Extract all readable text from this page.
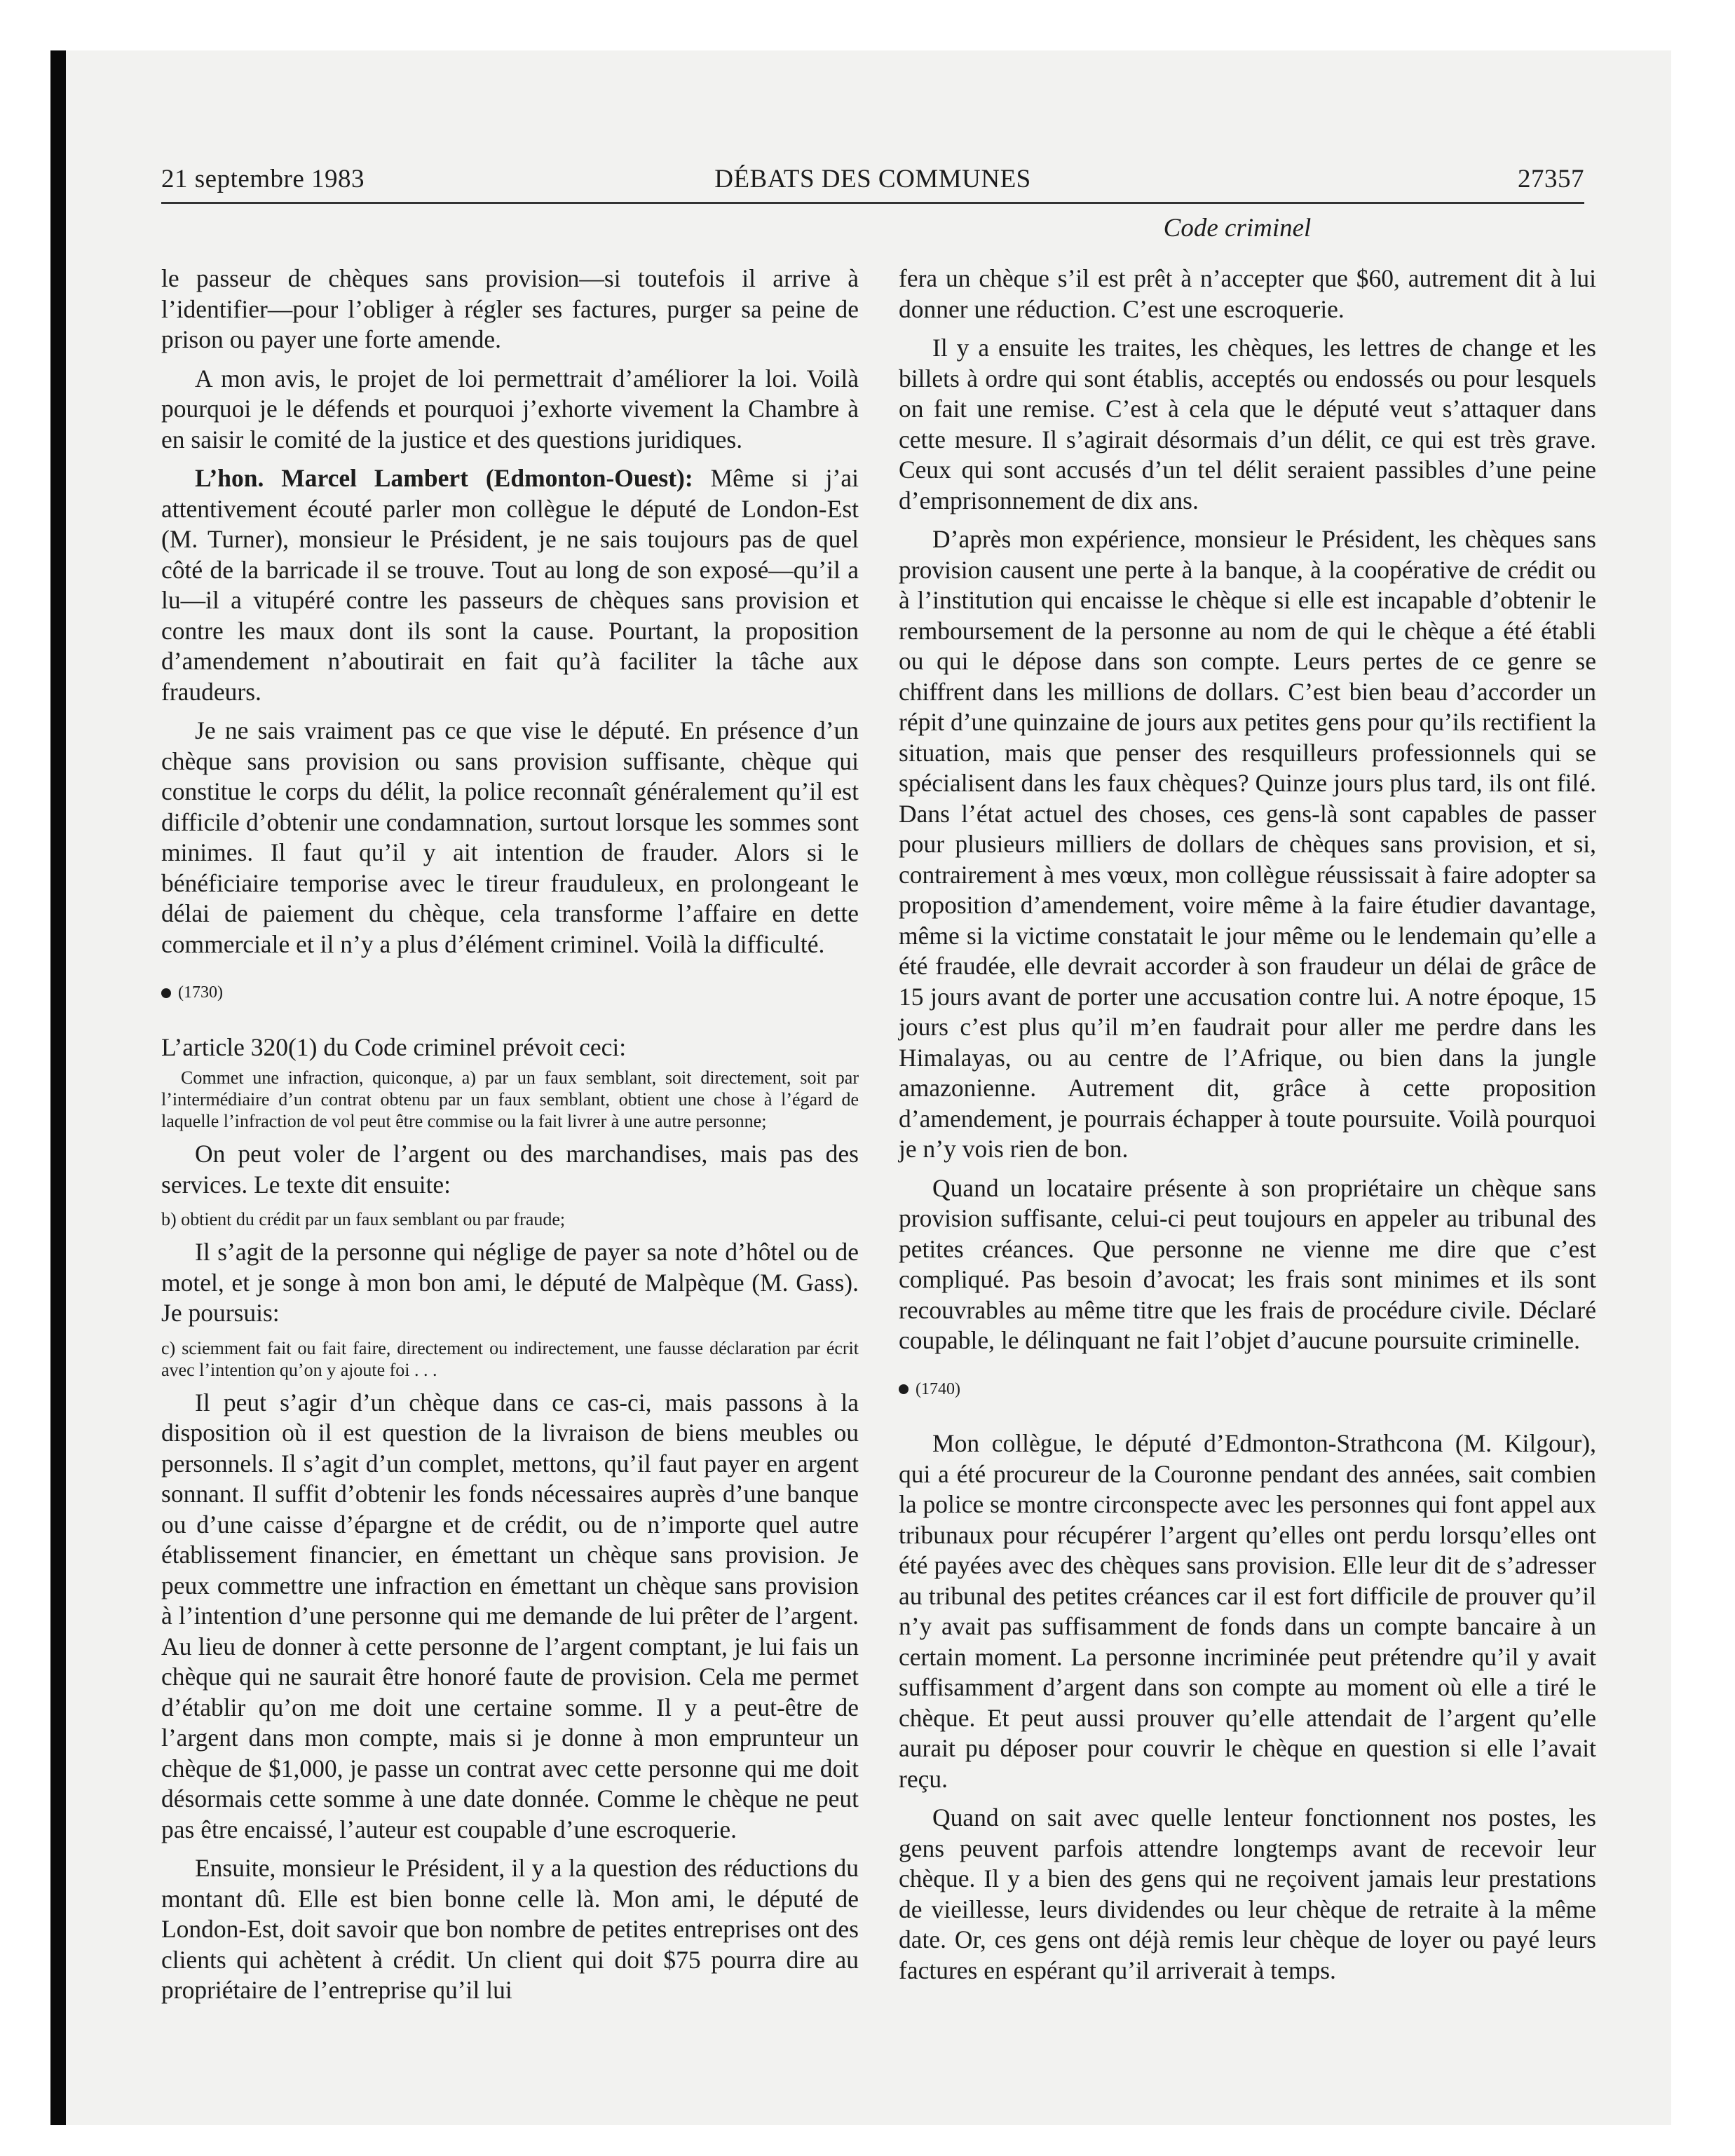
21 septembre 1983	DÉBATS DES COMMUNES	27357
Code criminel

le passeur de chèques sans provision—si toutefois il arrive à l’identifier—pour l’obliger à régler ses factures, purger sa peine de prison ou payer une forte amende.

A mon avis, le projet de loi permettrait d’améliorer la loi. Voilà pourquoi je le défends et pourquoi j’exhorte vivement la Chambre à en saisir le comité de la justice et des questions juridiques.

L’hon. Marcel Lambert (Edmonton-Ouest): Même si j’ai attentivement écouté parler mon collègue le député de London-Est (M. Turner), monsieur le Président, je ne sais toujours pas de quel côté de la barricade il se trouve. Tout au long de son exposé—qu’il a lu—il a vitupéré contre les passeurs de chèques sans provision et contre les maux dont ils sont la cause. Pourtant, la proposition d’amendement n’aboutirait en fait qu’à faciliter la tâche aux fraudeurs.

Je ne sais vraiment pas ce que vise le député. En présence d’un chèque sans provision ou sans provision suffisante, chèque qui constitue le corps du délit, la police reconnaît généralement qu’il est difficile d’obtenir une condamnation, surtout lorsque les sommes sont minimes. Il faut qu’il y ait intention de frauder. Alors si le bénéficiaire temporise avec le tireur frauduleux, en prolongeant le délai de paiement du chèque, cela transforme l’affaire en dette commerciale et il n’y a plus d’élément criminel. Voilà la difficulté.

(1730)

L’article 320(1) du Code criminel prévoit ceci:

Commet une infraction, quiconque, a) par un faux semblant, soit directement, soit par l’intermédiaire d’un contrat obtenu par un faux semblant, obtient une chose à l’égard de laquelle l’infraction de vol peut être commise ou la fait livrer à une autre personne;

On peut voler de l’argent ou des marchandises, mais pas des services. Le texte dit ensuite:

b) obtient du crédit par un faux semblant ou par fraude;

Il s’agit de la personne qui néglige de payer sa note d’hôtel ou de motel, et je songe à mon bon ami, le député de Malpèque (M. Gass). Je poursuis:

c) sciemment fait ou fait faire, directement ou indirectement, une fausse déclaration par écrit avec l’intention qu’on y ajoute foi . . .

Il peut s’agir d’un chèque dans ce cas-ci, mais passons à la disposition où il est question de la livraison de biens meubles ou personnels. Il s’agit d’un complet, mettons, qu’il faut payer en argent sonnant. Il suffit d’obtenir les fonds nécessaires auprès d’une banque ou d’une caisse d’épargne et de crédit, ou de n’importe quel autre établissement financier, en émettant un chèque sans provision. Je peux commettre une infraction en émettant un chèque sans provision à l’intention d’une personne qui me demande de lui prêter de l’argent. Au lieu de donner à cette personne de l’argent comptant, je lui fais un chèque qui ne saurait être honoré faute de provision. Cela me permet d’établir qu’on me doit une certaine somme. Il y a peut-être de l’argent dans mon compte, mais si je donne à mon emprunteur un chèque de $1,000, je passe un contrat avec cette personne qui me doit désormais cette somme à une date donnée. Comme le chèque ne peut pas être encaissé, l’auteur est coupable d’une escroquerie.

Ensuite, monsieur le Président, il y a la question des réductions du montant dû. Elle est bien bonne celle là. Mon ami, le député de London-Est, doit savoir que bon nombre de petites entreprises ont des clients qui achètent à crédit. Un client qui doit $75 pourra dire au propriétaire de l’entreprise qu’il lui

fera un chèque s’il est prêt à n’accepter que $60, autrement dit à lui donner une réduction. C’est une escroquerie.

Il y a ensuite les traites, les chèques, les lettres de change et les billets à ordre qui sont établis, acceptés ou endossés ou pour lesquels on fait une remise. C’est à cela que le député veut s’attaquer dans cette mesure. Il s’agirait désormais d’un délit, ce qui est très grave. Ceux qui sont accusés d’un tel délit seraient passibles d’une peine d’emprisonnement de dix ans.

D’après mon expérience, monsieur le Président, les chèques sans provision causent une perte à la banque, à la coopérative de crédit ou à l’institution qui encaisse le chèque si elle est incapable d’obtenir le remboursement de la personne au nom de qui le chèque a été établi ou qui le dépose dans son compte. Leurs pertes de ce genre se chiffrent dans les millions de dollars. C’est bien beau d’accorder un répit d’une quinzaine de jours aux petites gens pour qu’ils rectifient la situation, mais que penser des resquilleurs professionnels qui se spécialisent dans les faux chèques? Quinze jours plus tard, ils ont filé. Dans l’état actuel des choses, ces gens-là sont capables de passer pour plusieurs milliers de dollars de chèques sans provision, et si, contrairement à mes vœux, mon collègue réussissait à faire adopter sa proposition d’amendement, voire même à la faire étudier davantage, même si la victime constatait le jour même ou le lendemain qu’elle a été fraudée, elle devrait accorder à son fraudeur un délai de grâce de 15 jours avant de porter une accusation contre lui. A notre époque, 15 jours c’est plus qu’il m’en faudrait pour aller me perdre dans les Himalayas, ou au centre de l’Afrique, ou bien dans la jungle amazonienne. Autrement dit, grâce à cette proposition d’amendement, je pourrais échapper à toute poursuite. Voilà pourquoi je n’y vois rien de bon.

Quand un locataire présente à son propriétaire un chèque sans provision suffisante, celui-ci peut toujours en appeler au tribunal des petites créances. Que personne ne vienne me dire que c’est compliqué. Pas besoin d’avocat; les frais sont minimes et ils sont recouvrables au même titre que les frais de procédure civile. Déclaré coupable, le délinquant ne fait l’objet d’aucune poursuite criminelle.

(1740)

Mon collègue, le député d’Edmonton-Strathcona (M. Kilgour), qui a été procureur de la Couronne pendant des années, sait combien la police se montre circonspecte avec les personnes qui font appel aux tribunaux pour récupérer l’argent qu’elles ont perdu lorsqu’elles ont été payées avec des chèques sans provision. Elle leur dit de s’adresser au tribunal des petites créances car il est fort difficile de prouver qu’il n’y avait pas suffisamment de fonds dans un compte bancaire à un certain moment. La personne incriminée peut prétendre qu’il y avait suffisamment d’argent dans son compte au moment où elle a tiré le chèque. Et peut aussi prouver qu’elle attendait de l’argent qu’elle aurait pu déposer pour couvrir le chèque en question si elle l’avait reçu.

Quand on sait avec quelle lenteur fonctionnent nos postes, les gens peuvent parfois attendre longtemps avant de recevoir leur chèque. Il y a bien des gens qui ne reçoivent jamais leur prestations de vieillesse, leurs dividendes ou leur chèque de retraite à la même date. Or, ces gens ont déjà remis leur chèque de loyer ou payé leurs factures en espérant qu’il arriverait à temps.
